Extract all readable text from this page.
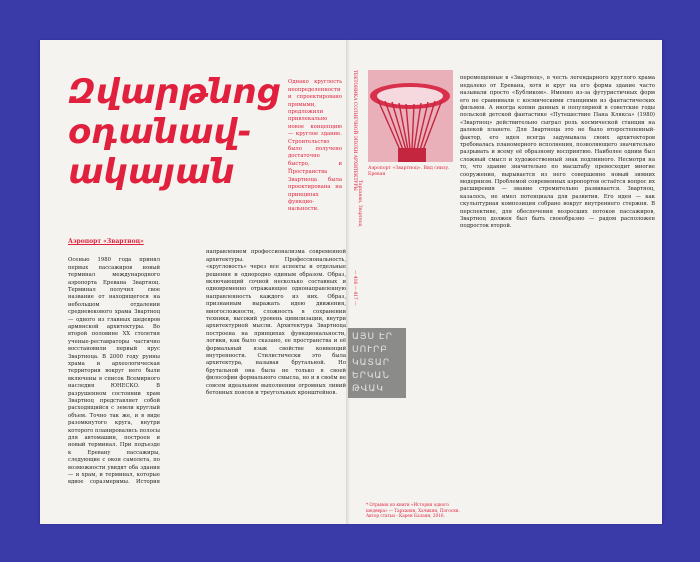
Զվարթնոց
օդանավ-
ակայան

Однако круглость неопределенности и спроектировано прямыми, предложили привлекально новое концепцию — круглое здание. Строительство было получено достаточно быстро, и

Пространства Звартноца была проектирована на принципах функциональности.

Аэропорт «Звартноц»

Осенью 1980 года принял первых пассажиров новый терминал международного аэропорта Еревана Звартноц. Терминал получил свое название от находящегося на небольшом отдалении средневекового храма Звартноц — одного из главных шедевров армянской архитектуры. Во второй половине XX столетия ученые-реставраторы частично восстановили первый ярус Звартноца. В 2000 году руины храма и археологическая территория вокруг него были включены в список Всемирного наследия ЮНЕСКО. В разрушенном состоянии храм Звартноц представляет собой расходящийся с земли круглый объем. Точно так же, и в виде разомкнутого круга, внутри которого планировались полосы для автомашин, построен и новый терминал. При подъезде к Еревану пассажиры, следующие с окон самолета, по возможности увидят оба здания — и храм, и терминал, которые вдвое соразмеримы. История

направлением профессионализма современной архитектуры. Профессиональность, «кругловость» через все аспекты и отдельные решения и однородно единым образом. Образ, включающий сочной несколько составных и одновременно отражающее однонаправленную направленность каждого из них. Образ, признанным выражать идею движения, многосложности, сложность в сохранении техники, высокий уровень цивилизации, внутри архитектурной мысли. Архитектура Звартноца построена на принципах функциональности, логики, как было сказано, ее пространства и её формальный язык свойстве конвенций внутренности. Стилистически это была архитектура, называя брутальной. Но брутальной она была не только в своей философии формального смысла, но и в своём не совсем идеальном выполнении огромных линий бетонных поясов и треугольных кронштейнов.

ТЕКТОНИКА СОЛНЕЧНОЙ ЭПОХИ АРХИТЕКТУРЫ

Тарханян, Звартноц

— 416 — 417 —

Аэропорт «Звартноц». Вид снизу. Ереван

перемещенные в «Звартноц», в честь легендарного круглого храма недалеко от Еревана, хотя и круг на его форма здание часто называли просто «Бубликом». Именно из-за футуристичных форм его не сравнивали с космическими станциями из фантастических фильмов. А иногда копии данных и популярной в советские годы польской детской фантастике «Путешествие Пана Клякса» (1980) «Звартноц» действительно сыграл роль космической станции на далекой планете. Для Звартноца это не было второстепенный-фактор, его идея всегда задумывала своих архитекторов требовалась планомерного исполнения, позволяющего значительно разрывать и всему её образному восприятию. Наиболее одним был сложный смысл и художественный знак подлинного. Несмотря на то, что здание значительно по масштабу превосходит многие сооружения, вырывается из него совершенно новый зимних модернизм. Проблемой современных аэропортов остаётся вопрос их расширения — звание стремительно развивается. Звартноц, казалось, не имел потенциала для развития. Его идея — как скульптурная композиция собрано вокруг внутреннего стержня. В перспективе, для обеспечения возросших потоков пассажиров, Звартноц должен был быть своеобразно — радом расположен подросток второй.

ԱՅՍ ԷՐ
ՍՈՒՐԲ
ԿԱՏԱՐ
ԵՐԿԱՆ
ԹՎԱԿ

* Отрывок из книги «История одного шедевра» — Тарханян, Хачикян, Погосян. Автор статьи - Карен Балаян, 2016.
